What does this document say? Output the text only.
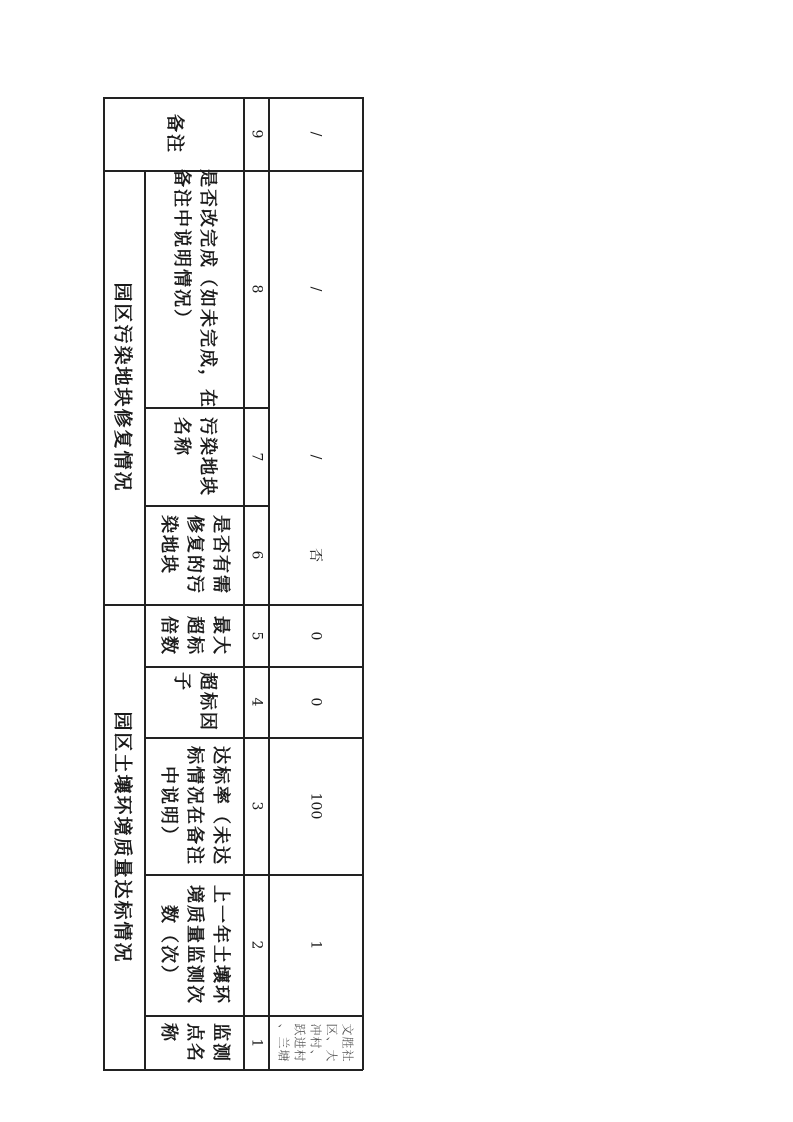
园区污染地块修复情况
园区土壤环境质量达标情况
备注
是否改完成（如未完成，在
备注中说明情况）
污染地块
名称
是否有需
修复的污
染地块
最大
超标
倍数
超标因
子
达标率（未达
标情况在备注
中说明）
上一年土壤环
境质量监测次
数（次）
监测
点名
称
9
8
7
6
5
4
3
2
1
/
/
/
否
0
0
100
1
文胜社
区、大
冲村、
跃进村
、兰塘
